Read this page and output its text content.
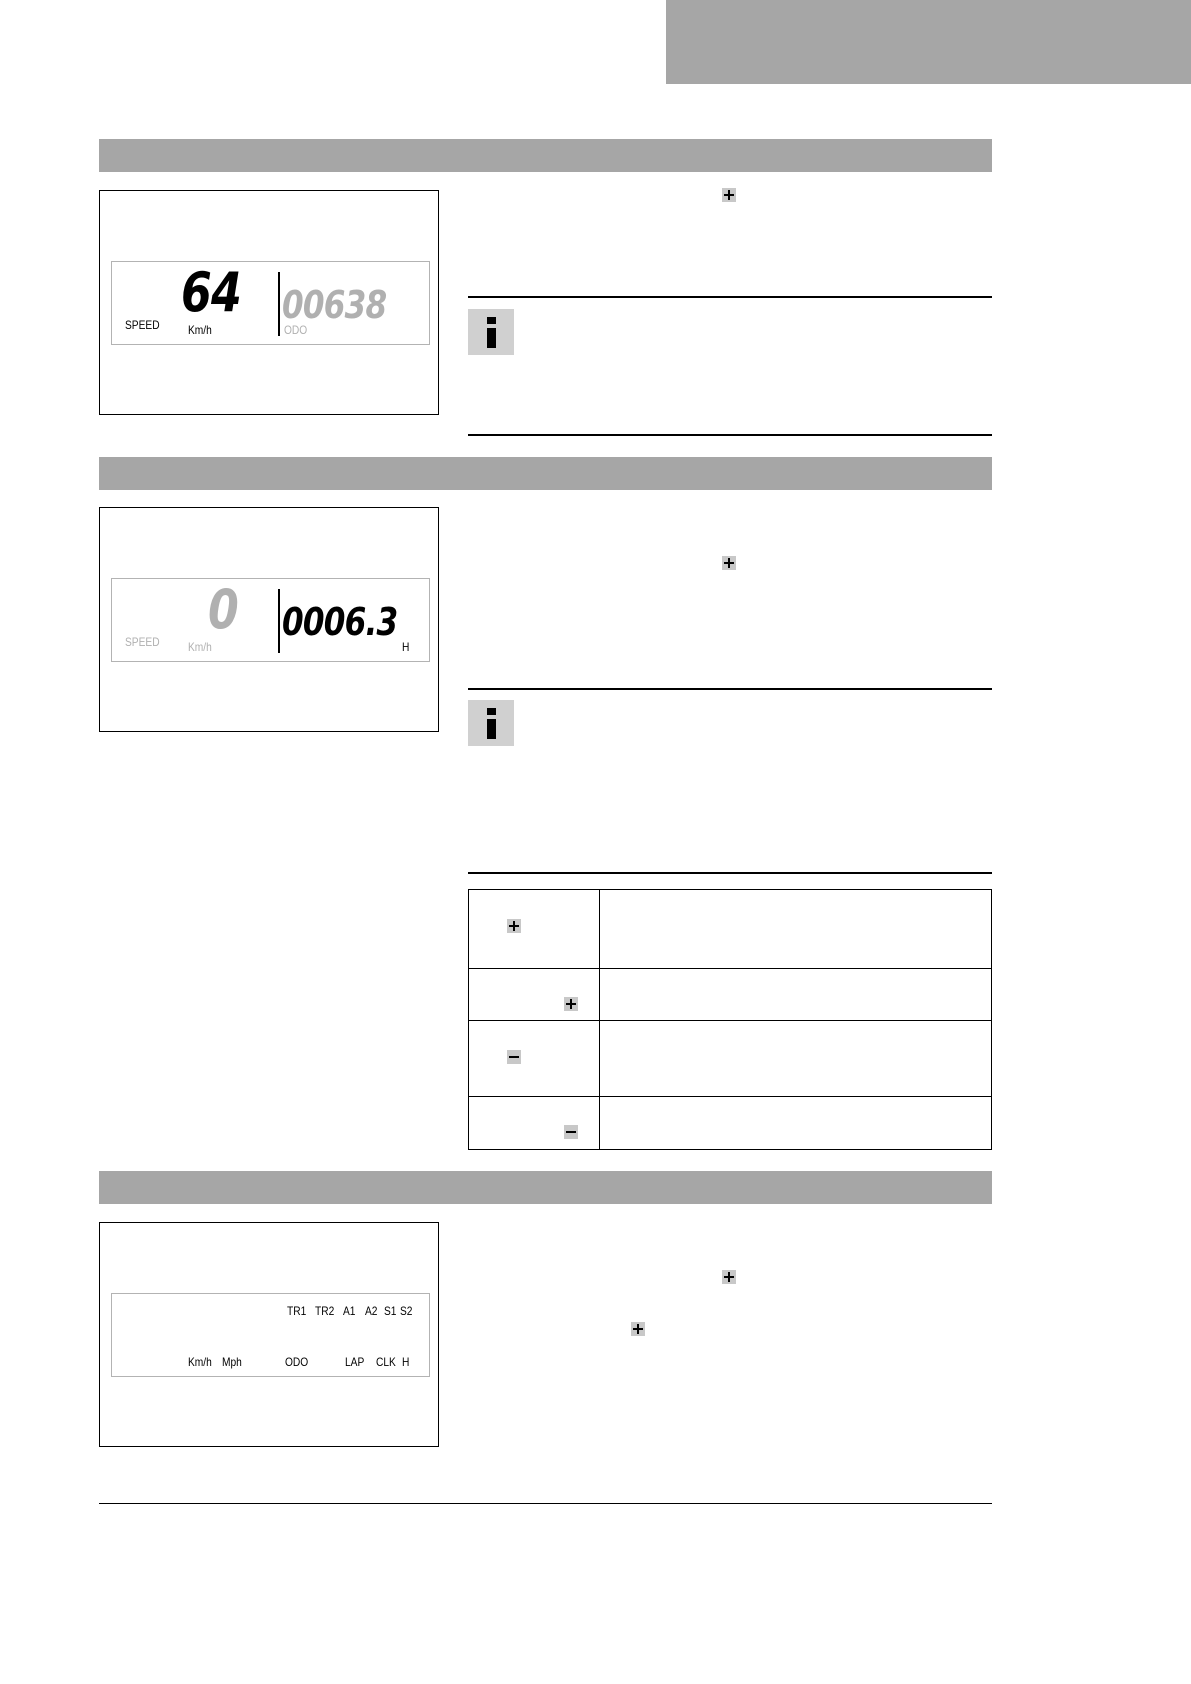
64
SPEED Km/h
00638
ODO
0
SPEED Km/h
0006.3
H
TR1 TR2 A1 A2 S1 S2
Km/h Mph	ODO	LAP CLK H
